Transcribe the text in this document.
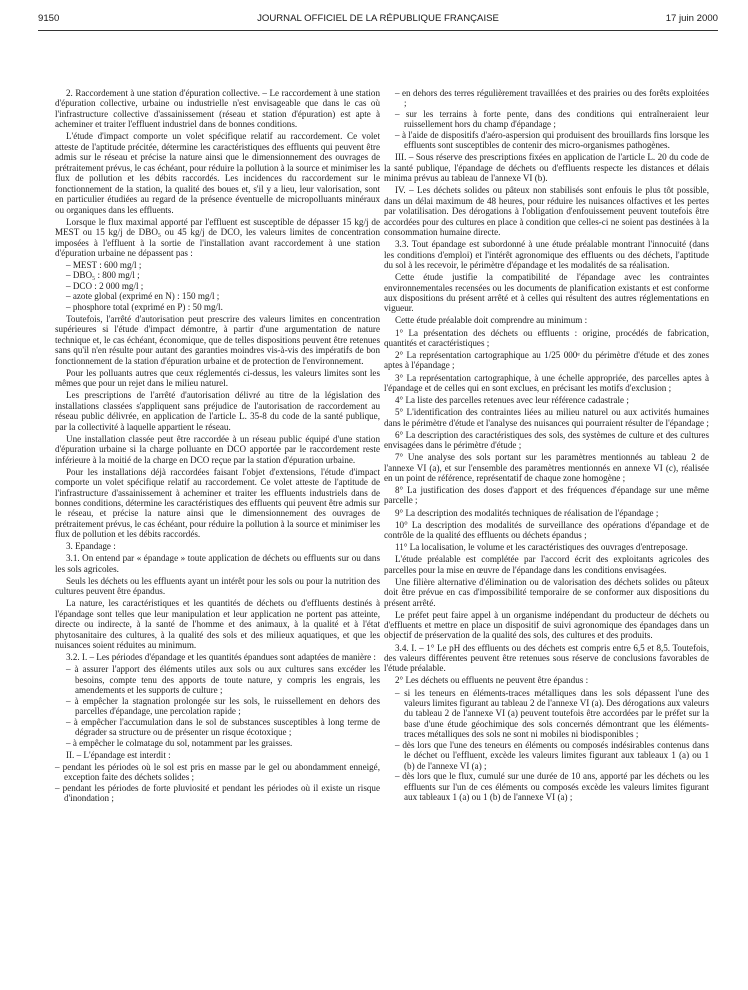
9150	JOURNAL OFFICIEL DE LA RÉPUBLIQUE FRANÇAISE	17 juin 2000

2. Raccordement à une station d'épuration collective. – Le raccordement à une station d'épuration collective, urbaine ou industrielle n'est envisageable que dans le cas où l'infrastructure collective d'assainissement (réseau et station d'épuration) est apte à acheminer et traiter l'effluent industriel dans de bonnes conditions.

L'étude d'impact comporte un volet spécifique relatif au raccordement. Ce volet atteste de l'aptitude précitée, détermine les caractéristiques des effluents qui peuvent être admis sur le réseau et précise la nature ainsi que le dimensionnement des ouvrages de prétraitement prévus, le cas échéant, pour réduire la pollution à la source et minimiser les flux de pollution et les débits raccordés. Les incidences du raccordement sur le fonctionnement de la station, la qualité des boues et, s'il y a lieu, leur valorisation, sont en particulier étudiées au regard de la présence éventuelle de micropolluants minéraux ou organiques dans les effluents.

Lorsque le flux maximal apporté par l'effluent est susceptible de dépasser 15 kg/j de MEST ou 15 kg/j de DBO₅ ou 45 kg/j de DCO, les valeurs limites de concentration imposées à l'effluent à la sortie de l'installation avant raccordement à une station d'épuration urbaine ne dépassent pas :

– MEST : 600 mg/l ;
– DBO₅ : 800 mg/l ;
– DCO : 2 000 mg/l ;
– azote global (exprimé en N) : 150 mg/l ;
– phosphore total (exprimé en P) : 50 mg/l.

Toutefois, l'arrêté d'autorisation peut prescrire des valeurs limites en concentration supérieures si l'étude d'impact démontre, à partir d'une argumentation de nature technique et, le cas échéant, économique, que de telles dispositions peuvent être retenues sans qu'il n'en résulte pour autant des garanties moindres vis-à-vis des impératifs de bon fonctionnement de la station d'épuration urbaine et de protection de l'environnement.

Pour les polluants autres que ceux réglementés ci-dessus, les valeurs limites sont les mêmes que pour un rejet dans le milieu naturel.

Les prescriptions de l'arrêté d'autorisation délivré au titre de la législation des installations classées s'appliquent sans préjudice de l'autorisation de raccordement au réseau public délivrée, en application de l'article L. 35-8 du code de la santé publique, par la collectivité à laquelle appartient le réseau.

Une installation classée peut être raccordée à un réseau public équipé d'une station d'épuration urbaine si la charge polluante en DCO apportée par le raccordement reste inférieure à la moitié de la charge en DCO reçue par la station d'épuration urbaine.

Pour les installations déjà raccordées faisant l'objet d'extensions, l'étude d'impact comporte un volet spécifique relatif au raccordement. Ce volet atteste de l'aptitude de l'infrastructure d'assainissement à acheminer et traiter les effluents industriels dans de bonnes conditions, détermine les caractéristiques des effluents qui peuvent être admis sur le réseau, et précise la nature ainsi que le dimensionnement des ouvrages de prétraitement prévus, le cas échéant, pour réduire la pollution à la source et minimiser les flux de pollution et les débits raccordés.

3. Epandage :

3.1. On entend par « épandage » toute application de déchets ou effluents sur ou dans les sols agricoles.

Seuls les déchets ou les effluents ayant un intérêt pour les sols ou pour la nutrition des cultures peuvent être épandus.

La nature, les caractéristiques et les quantités de déchets ou d'effluents destinés à l'épandage sont telles que leur manipulation et leur application ne portent pas atteinte, directe ou indirecte, à la santé de l'homme et des animaux, à la qualité et à l'état phytosanitaire des cultures, à la qualité des sols et des milieux aquatiques, et que les nuisances soient réduites au minimum.

3.2. I. – Les périodes d'épandage et les quantités épandues sont adaptées de manière :

– à assurer l'apport des éléments utiles aux sols ou aux cultures sans excéder les besoins, compte tenu des apports de toute nature, y compris les engrais, les amendements et les supports de culture ;
– à empêcher la stagnation prolongée sur les sols, le ruissellement en dehors des parcelles d'épandage, une percolation rapide ;
– à empêcher l'accumulation dans le sol de substances susceptibles à long terme de dégrader sa structure ou de présenter un risque écotoxique ;
– à empêcher le colmatage du sol, notamment par les graisses.

II. – L'épandage est interdit :

– pendant les périodes où le sol est pris en masse par le gel ou abondamment enneigé, exception faite des déchets solides ;
– pendant les périodes de forte pluviosité et pendant les périodes où il existe un risque d'inondation ;
– en dehors des terres régulièrement travaillées et des prairies ou des forêts exploitées ;
– sur les terrains à forte pente, dans des conditions qui entraîneraient leur ruissellement hors du champ d'épandage ;
– à l'aide de dispositifs d'aéro-aspersion qui produisent des brouillards fins lorsque les effluents sont susceptibles de contenir des micro-organismes pathogènes.

III. – Sous réserve des prescriptions fixées en application de l'article L. 20 du code de la santé publique, l'épandage de déchets ou d'effluents respecte les distances et délais minima prévus au tableau de l'annexe VI (b).

IV. – Les déchets solides ou pâteux non stabilisés sont enfouis le plus tôt possible, dans un délai maximum de 48 heures, pour réduire les nuisances olfactives et les pertes par volatilisation. Des dérogations à l'obligation d'enfouissement peuvent toutefois être accordées pour des cultures en place à condition que celles-ci ne soient pas destinées à la consommation humaine directe.

3.3. Tout épandage est subordonné à une étude préalable montrant l'innocuité (dans les conditions d'emploi) et l'intérêt agronomique des effluents ou des déchets, l'aptitude du sol à les recevoir, le périmètre d'épandage et les modalités de sa réalisation.

Cette étude justifie la compatibilité de l'épandage avec les contraintes environnementales recensées ou les documents de planification existants et est conforme aux dispositions du présent arrêté et à celles qui résultent des autres réglementations en vigueur.

Cette étude préalable doit comprendre au minimum :

1° La présentation des déchets ou effluents : origine, procédés de fabrication, quantités et caractéristiques ;

2° La représentation cartographique au 1/25 000ᵉ du périmètre d'étude et des zones aptes à l'épandage ;

3° La représentation cartographique, à une échelle appropriée, des parcelles aptes à l'épandage et de celles qui en sont exclues, en précisant les motifs d'exclusion ;

4° La liste des parcelles retenues avec leur référence cadastrale ;

5° L'identification des contraintes liées au milieu naturel ou aux activités humaines dans le périmètre d'étude et l'analyse des nuisances qui pourraient résulter de l'épandage ;

6° La description des caractéristiques des sols, des systèmes de culture et des cultures envisagées dans le périmètre d'étude ;

7° Une analyse des sols portant sur les paramètres mentionnés au tableau 2 de l'annexe VI (a), et sur l'ensemble des paramètres mentionnés en annexe VI (c), réalisée en un point de référence, représentatif de chaque zone homogène ;

8° La justification des doses d'apport et des fréquences d'épandage sur une même parcelle ;

9° La description des modalités techniques de réalisation de l'épandage ;

10° La description des modalités de surveillance des opérations d'épandage et de contrôle de la qualité des effluents ou déchets épandus ;

11° La localisation, le volume et les caractéristiques des ouvrages d'entreposage.

L'étude préalable est complétée par l'accord écrit des exploitants agricoles des parcelles pour la mise en œuvre de l'épandage dans les conditions envisagées.

Une filière alternative d'élimination ou de valorisation des déchets solides ou pâteux doit être prévue en cas d'impossibilité temporaire de se conformer aux dispositions du présent arrêté.

Le préfet peut faire appel à un organisme indépendant du producteur de déchets ou d'effluents et mettre en place un dispositif de suivi agronomique des épandages dans un objectif de préservation de la qualité des sols, des cultures et des produits.

3.4. I. – 1° Le pH des effluents ou des déchets est compris entre 6,5 et 8,5. Toutefois, des valeurs différentes peuvent être retenues sous réserve de conclusions favorables de l'étude préalable.

2° Les déchets ou effluents ne peuvent être épandus :

– si les teneurs en éléments-traces métalliques dans les sols dépassent l'une des valeurs limites figurant au tableau 2 de l'annexe VI (a). Des dérogations aux valeurs du tableau 2 de l'annexe VI (a) peuvent toutefois être accordées par le préfet sur la base d'une étude géochimique des sols concernés démontrant que les éléments-traces métalliques des sols ne sont ni mobiles ni biodisponibles ;
– dès lors que l'une des teneurs en éléments ou composés indésirables contenus dans le déchet ou l'effluent, excède les valeurs limites figurant aux tableaux 1 (a) ou 1 (b) de l'annexe VI (a) ;
– dès lors que le flux, cumulé sur une durée de 10 ans, apporté par les déchets ou les effluents sur l'un de ces éléments ou composés excède les valeurs limites figurant aux tableaux 1 (a) ou 1 (b) de l'annexe VI (a) ;
